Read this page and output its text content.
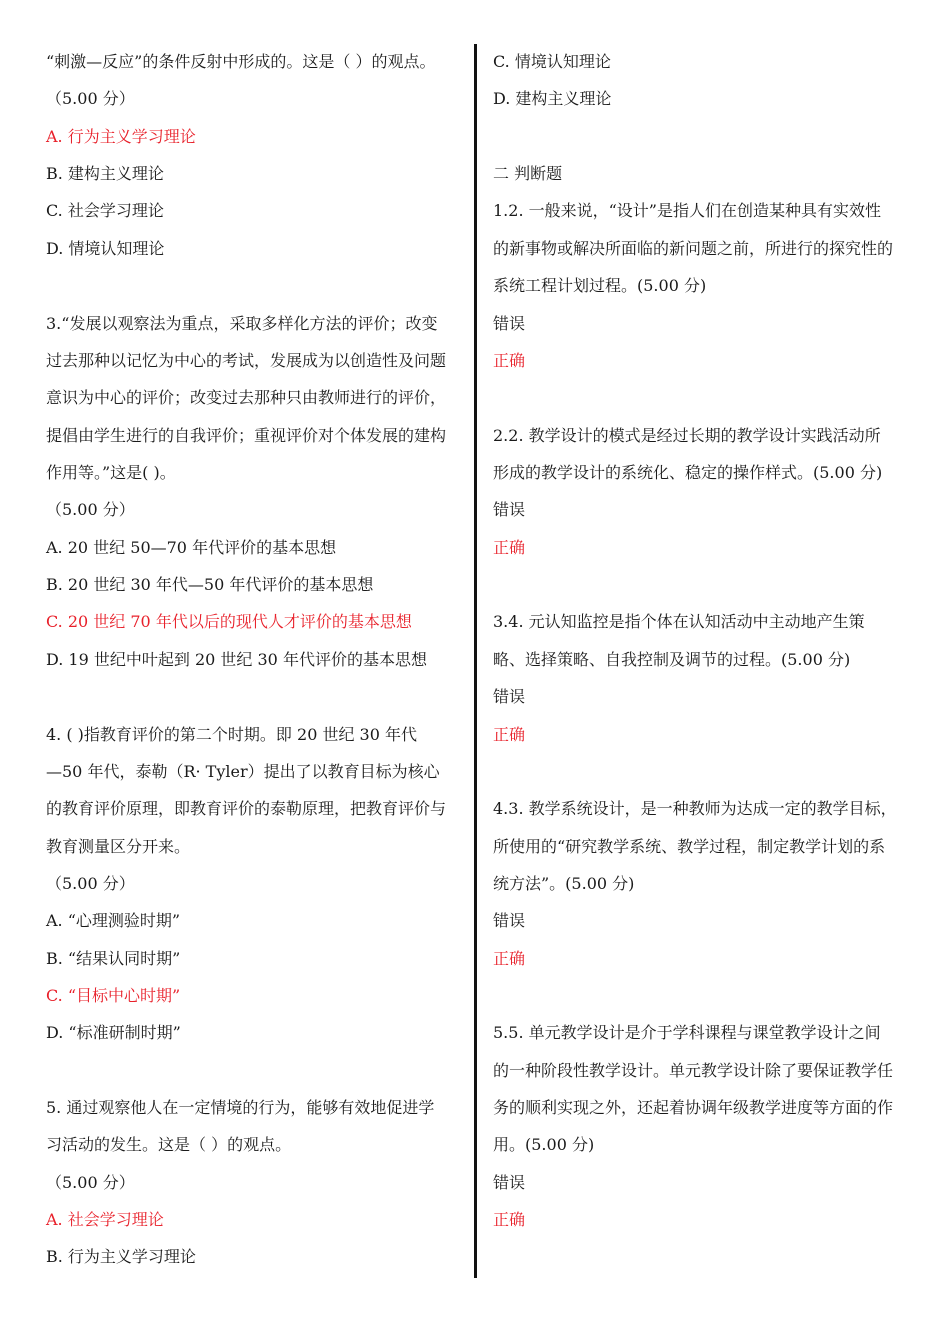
“刺激—反应”的条件反射中形成的。这是（ ）的观点。
（5.00 分）
A. 行为主义学习理论
B. 建构主义理论
C. 社会学习理论
D. 情境认知理论
3.“发展以观察法为重点，采取多样化方法的评价；改变
过去那种以记忆为中心的考试，发展成为以创造性及问题
意识为中心的评价；改变过去那种只由教师进行的评价，
提倡由学生进行的自我评价；重视评价对个体发展的建构
作用等。”这是( )。
（5.00 分）
A. 20 世纪 50—70 年代评价的基本思想
B. 20 世纪 30 年代—50 年代评价的基本思想
C. 20 世纪 70 年代以后的现代人才评价的基本思想
D. 19 世纪中叶起到 20 世纪 30 年代评价的基本思想
4. ( )指教育评价的第二个时期。即 20 世纪 30 年代
—50 年代，泰勒（R· Tyler）提出了以教育目标为核心
的教育评价原理，即教育评价的泰勒原理，把教育评价与
教育测量区分开来。
（5.00 分）
A. “心理测验时期”
B. “结果认同时期”
C. “目标中心时期”
D. “标准研制时期”
5. 通过观察他人在一定情境的行为，能够有效地促进学
习活动的发生。这是（ ）的观点。
（5.00 分）
A. 社会学习理论
B. 行为主义学习理论
C. 情境认知理论
D. 建构主义理论
二 判断题
1.2. 一般来说，“设计”是指人们在创造某种具有实效性
的新事物或解决所面临的新问题之前，所进行的探究性的
系统工程计划过程。(5.00 分)
错误
正确
2.2. 教学设计的模式是经过长期的教学设计实践活动所
形成的教学设计的系统化、稳定的操作样式。(5.00 分)
错误
正确
3.4. 元认知监控是指个体在认知活动中主动地产生策
略、选择策略、自我控制及调节的过程。(5.00 分)
错误
正确
4.3. 教学系统设计，是一种教师为达成一定的教学目标，
所使用的“研究教学系统、教学过程，制定教学计划的系
统方法”。(5.00 分)
错误
正确
5.5. 单元教学设计是介于学科课程与课堂教学设计之间
的一种阶段性教学设计。单元教学设计除了要保证教学任
务的顺利实现之外，还起着协调年级教学进度等方面的作
用。(5.00 分)
错误
正确
